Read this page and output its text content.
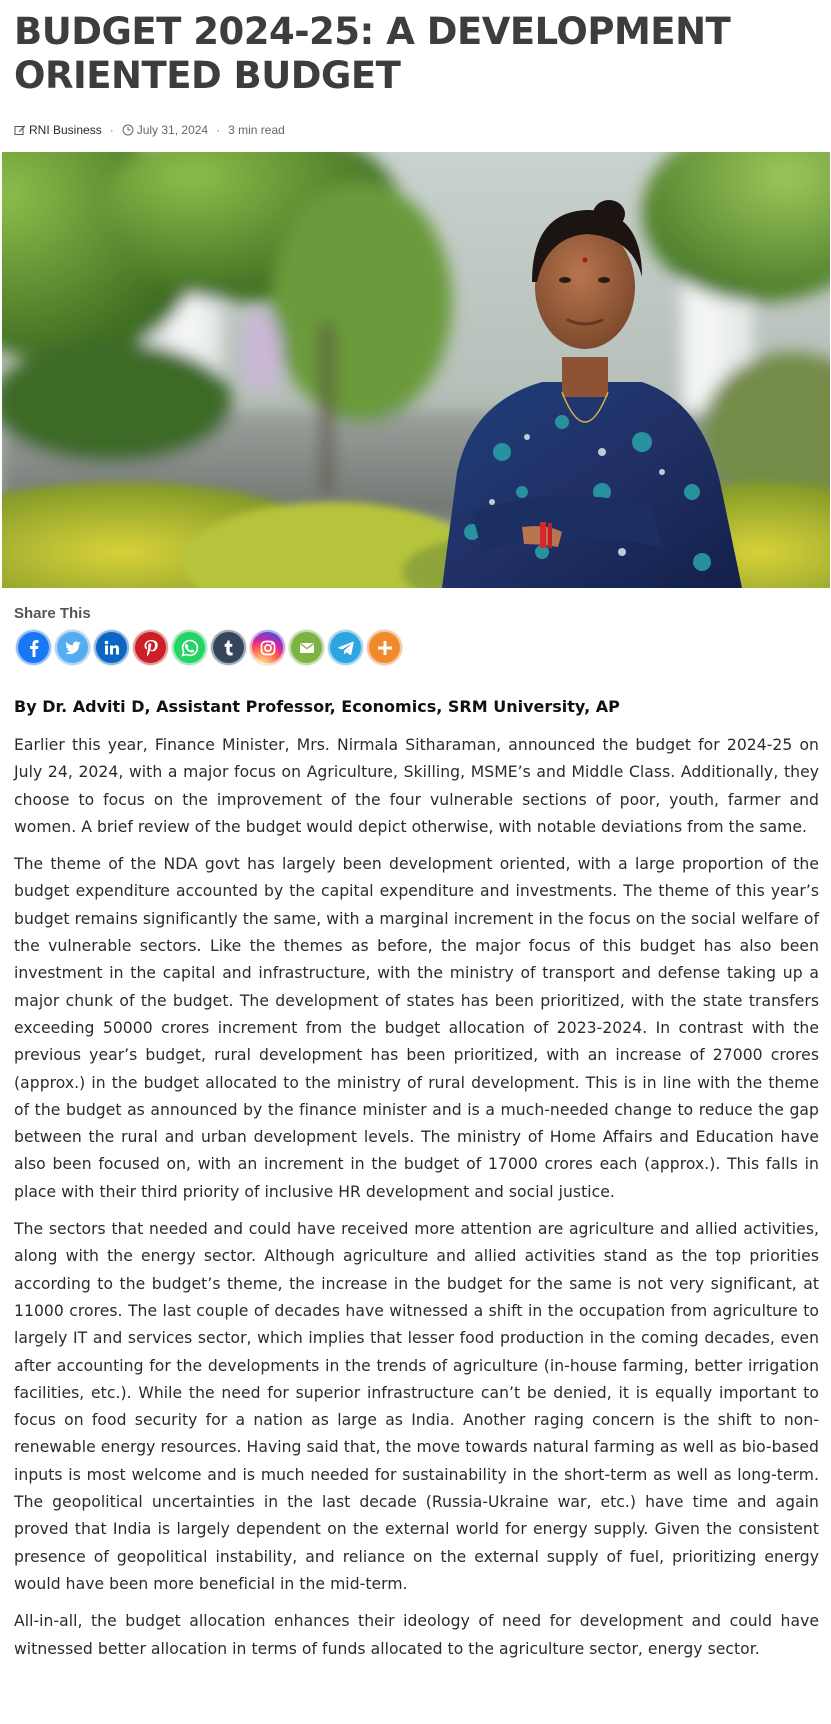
BUDGET 2024-25: A DEVELOPMENT ORIENTED BUDGET
RNI Business · July 31, 2024 · 3 min read
Share This

By Dr. Adviti D, Assistant Professor, Economics, SRM University, AP

Earlier this year, Finance Minister, Mrs. Nirmala Sitharaman, announced the budget for 2024-25 on July 24, 2024, with a major focus on Agriculture, Skilling, MSME’s and Middle Class. Additionally, they choose to focus on the improvement of the four vulnerable sections of poor, youth, farmer and women. A brief review of the budget would depict otherwise, with notable deviations from the same.

The theme of the NDA govt has largely been development oriented, with a large proportion of the budget expenditure accounted by the capital expenditure and investments. The theme of this year’s budget remains significantly the same, with a marginal increment in the focus on the social welfare of the vulnerable sectors. Like the themes as before, the major focus of this budget has also been investment in the capital and infrastructure, with the ministry of transport and defense taking up a major chunk of the budget. The development of states has been prioritized, with the state transfers exceeding 50000 crores increment from the budget allocation of 2023-2024. In contrast with the previous year’s budget, rural development has been prioritized, with an increase of 27000 crores (approx.) in the budget allocated to the ministry of rural development. This is in line with the theme of the budget as announced by the finance minister and is a much-needed change to reduce the gap between the rural and urban development levels. The ministry of Home Affairs and Education have also been focused on, with an increment in the budget of 17000 crores each (approx.). This falls in place with their third priority of inclusive HR development and social justice.

The sectors that needed and could have received more attention are agriculture and allied activities, along with the energy sector. Although agriculture and allied activities stand as the top priorities according to the budget’s theme, the increase in the budget for the same is not very significant, at 11000 crores. The last couple of decades have witnessed a shift in the occupation from agriculture to largely IT and services sector, which implies that lesser food production in the coming decades, even after accounting for the developments in the trends of agriculture (in-house farming, better irrigation facilities, etc.). While the need for superior infrastructure can’t be denied, it is equally important to focus on food security for a nation as large as India. Another raging concern is the shift to non-renewable energy resources. Having said that, the move towards natural farming as well as bio-based inputs is most welcome and is much needed for sustainability in the short-term as well as long-term. The geopolitical uncertainties in the last decade (Russia-Ukraine war, etc.) have time and again proved that India is largely dependent on the external world for energy supply. Given the consistent presence of geopolitical instability, and reliance on the external supply of fuel, prioritizing energy would have been more beneficial in the mid-term.

All-in-all, the budget allocation enhances their ideology of need for development and could have witnessed better allocation in terms of funds allocated to the agriculture sector, energy sector.
